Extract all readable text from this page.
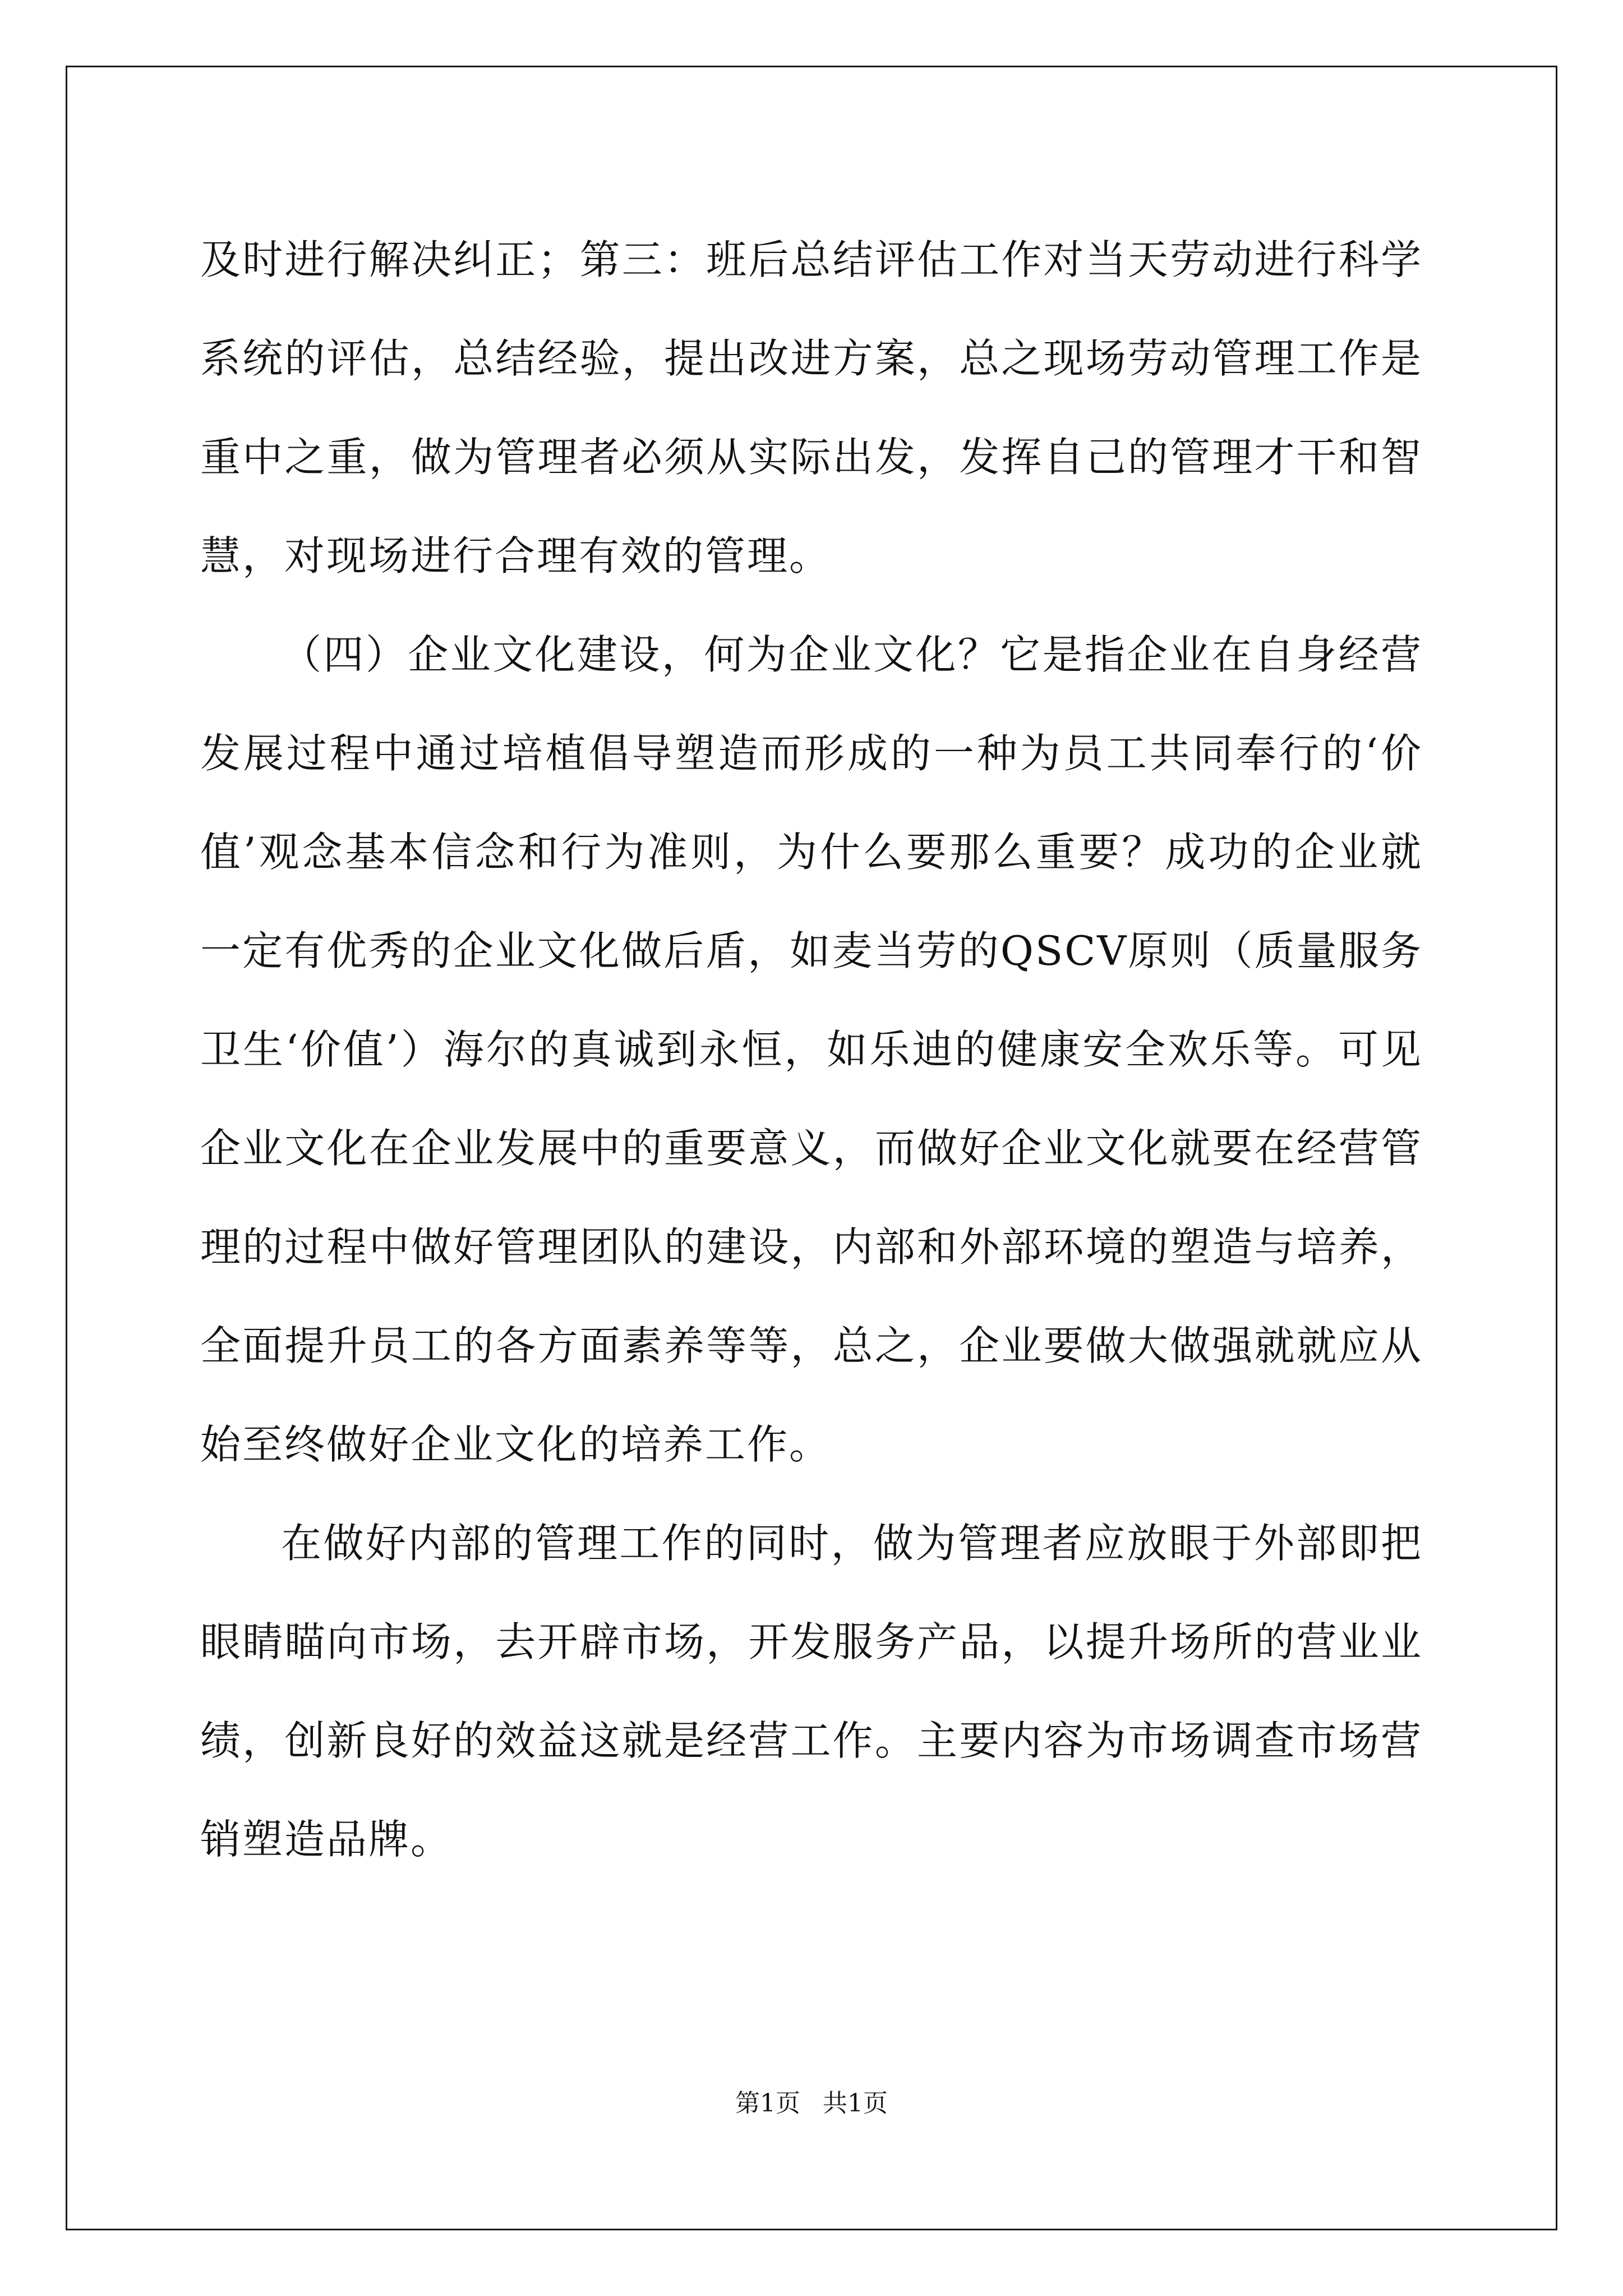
及时进行解决纠正；第三：班后总结评估工作对当天劳动进行科学系统的评估，总结经验，提出改进方案，总之现场劳动管理工作是重中之重，做为管理者必须从实际出发，发挥自己的管理才干和智慧，对现场进行合理有效的管理。

（四）企业文化建设，何为企业文化？它是指企业在自身经营发展过程中通过培植倡导塑造而形成的一种为员工共同奉行的‘价值’观念基本信念和行为准则，为什么要那么重要？成功的企业就一定有优秀的企业文化做后盾，如麦当劳的QSCV原则（质量服务卫生‘价值’）海尔的真诚到永恒，如乐迪的健康安全欢乐等。可见企业文化在企业发展中的重要意义，而做好企业文化就要在经营管理的过程中做好管理团队的建设，内部和外部环境的塑造与培养，全面提升员工的各方面素养等等，总之，企业要做大做强就就应从始至终做好企业文化的培养工作。

在做好内部的管理工作的同时，做为管理者应放眼于外部即把眼睛瞄向市场，去开辟市场，开发服务产品，以提升场所的营业业绩，创新良好的效益这就是经营工作。主要内容为市场调查市场营销塑造品牌。

第1页 共1页
